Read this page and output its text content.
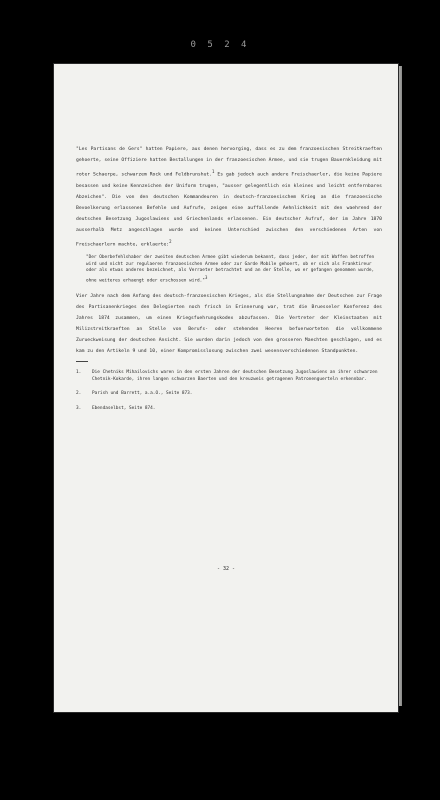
0 5 2 4

"Les Partisans de Gers" hatten Papiere, aus denen hervorging, dass es zu dem franzoesischen Streitkraeften gehoerte, seine Offiziere hatten Bestallungen in der franzoesischen Armee, und sie trugen Bauernkleidung mit roter Schaerpe, schwarzem Rock und Feldbrunshut.1 Es gab jedoch auch andere Freischaerler, die keine Papiere besassen und keine Kennzeichen der Uniform trugen, "ausser gelegentlich ein kleines und leicht entfernbares Abzeichen". Die von den deutschen Kommandeuren in deutsch-franzoesischem Krieg an die franzoesische Bevoelkerung erlassenen Befehle und Aufrufe, zeigen eine auffallende Aehnlichkeit mit den waehrend der deutschen Besetzung Jugoslawiens und Griechenlands erlassenen. Ein deutscher Aufruf, der im Jahre 1870 ausserhalb Metz angeschlagen wurde und keinen Unterschied zwischen den verschiedenen Arten von Freischaerlern machte, erklaerte:2

"Der Oberbefehlshaber der zweiten deutschen Armee gibt wiederum bekannt, dass jeder, der mit Waffen betroffen wird und nicht zur regulaeren franzoesischen Armee oder zur Garde Mobile gehoert, ob er sich als Franktireur oder als etwas anderes bezeichnet, als Verraeter betrachtet und an der Stelle, wo er gefangen genommen wurde, ohne weiteres erhaengt oder erschossen wird."3

Vier Jahre nach dem Anfang des deutsch-franzoesischen Krieges, als die Stellungnahme der Deutschen zur Frage des Partisanenkrieges den Delegierten noch frisch in Erinnerung war, trat die Bruesseler Konferenz des Jahres 1874 zusammen, um einen Kriegsfuehrungskodex abzufassen. Die Vertreter der Kleinstaaten mit Milizstreitkraeften an Stelle von Berufs- oder stehenden Heeren befuerworteten die vollkommene Zurueckweisung der deutschen Ansicht. Sie wurden darin jedoch von den grosseren Maechten geschlagen, und es kam zu den Artikeln 9 und 10, einer Kompromisslosung zwischen zwei wesensverschiedenen Standpunkten.

1.	Die Chetniks Mihailovichs waren in den ersten Jahren der deutschen Besetzung Jugoslawiens an ihrer schwarzen Chetnik-Kokarde, ihren langen schwarzen Baerten und den kreuzweis getragenen Patronenguerteln erkennbar.
2.	Parish und Barrett, a.a.O., Seite 873.
3.	Ebendaselbst, Seite 874.
- 32 -
